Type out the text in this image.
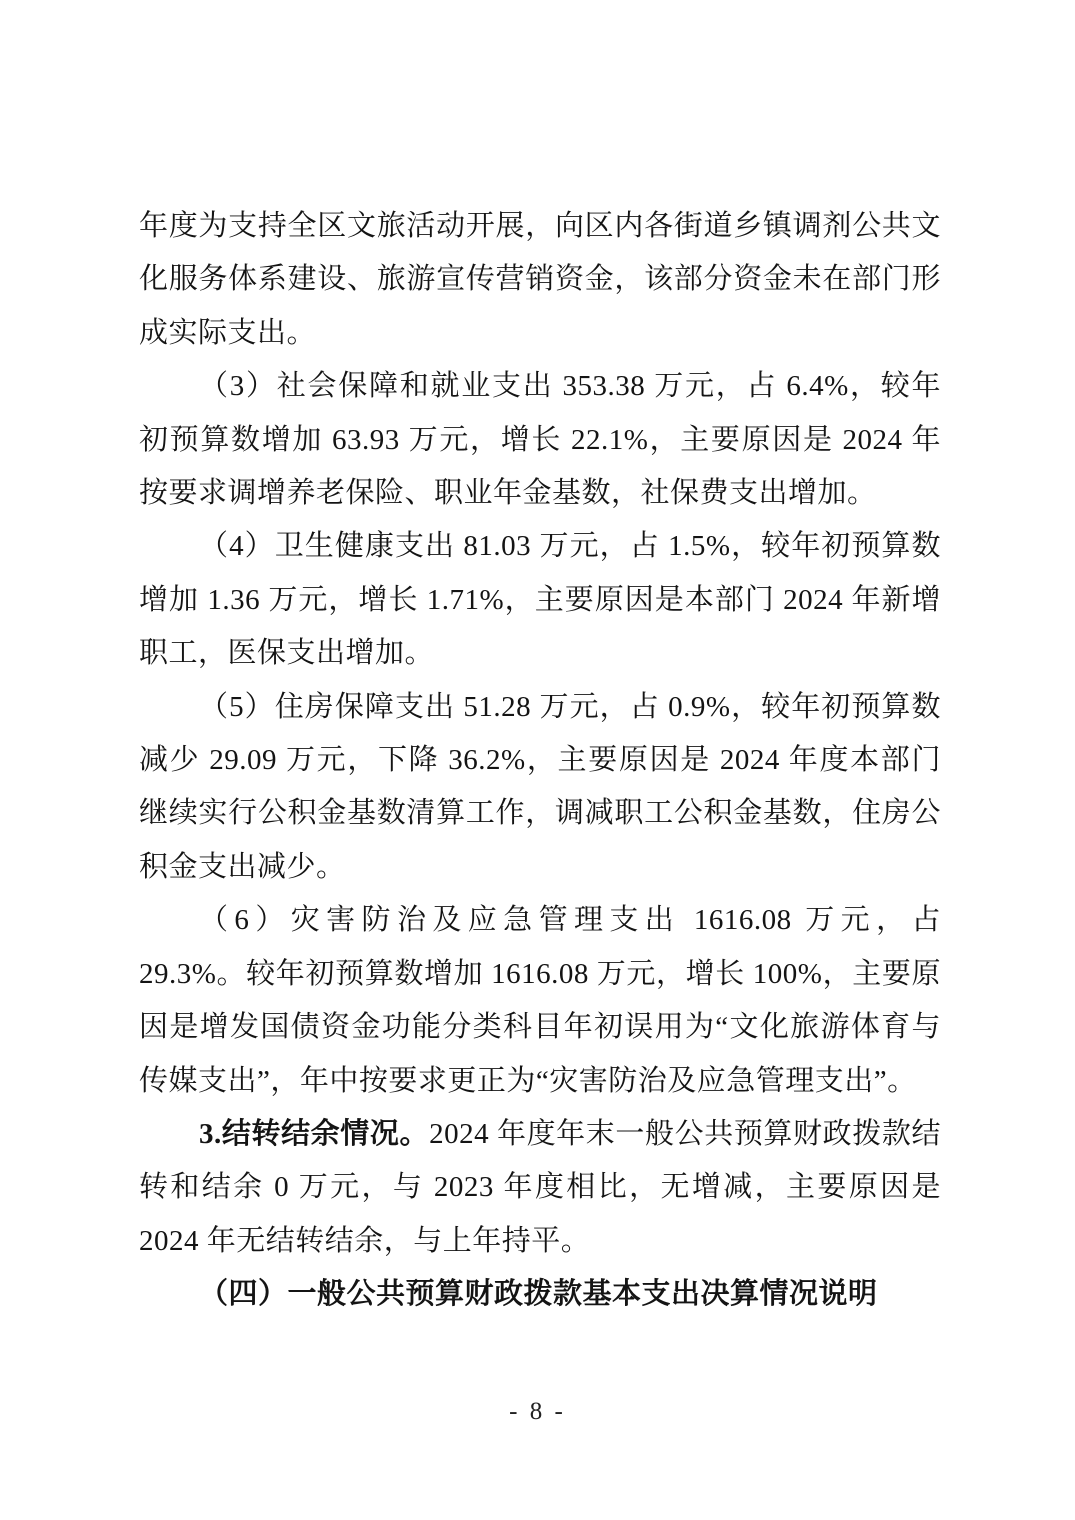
年度为支持全区文旅活动开展，向区内各街道乡镇调剂公共文化服务体系建设、旅游宣传营销资金，该部分资金未在部门形成实际支出。

（3）社会保障和就业支出 353.38 万元，占 6.4%，较年初预算数增加 63.93 万元，增长 22.1%，主要原因是 2024 年按要求调增养老保险、职业年金基数，社保费支出增加。

（4）卫生健康支出 81.03 万元，占 1.5%，较年初预算数增加 1.36 万元，增长 1.71%，主要原因是本部门 2024 年新增职工，医保支出增加。

（5）住房保障支出 51.28 万元，占 0.9%，较年初预算数减少 29.09 万元，下降 36.2%，主要原因是 2024 年度本部门继续实行公积金基数清算工作，调减职工公积金基数，住房公积金支出减少。

（6）灾害防治及应急管理支出 1616.08 万元，占 29.3%。较年初预算数增加 1616.08 万元，增长 100%，主要原因是增发国债资金功能分类科目年初误用为“文化旅游体育与传媒支出”，年中按要求更正为“灾害防治及应急管理支出”。

3.结转结余情况。2024 年度年末一般公共预算财政拨款结转和结余 0 万元，与 2023 年度相比，无增减，主要原因是 2024 年无结转结余，与上年持平。

（四）一般公共预算财政拨款基本支出决算情况说明

- 8 -
